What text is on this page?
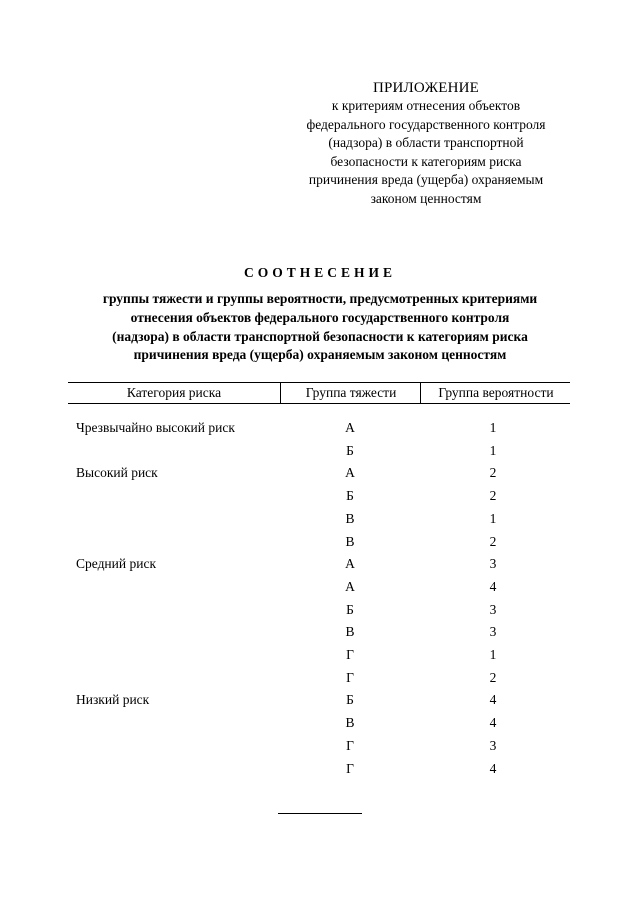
ПРИЛОЖЕНИЕ
к критериям отнесения объектов
федерального государственного контроля
(надзора) в области транспортной
безопасности к категориям риска
причинения вреда (ущерба) охраняемым
законом ценностям
СООТНЕСЕНИЕ
группы тяжести и группы вероятности, предусмотренных критериями
отнесения объектов федерального государственного контроля
(надзора) в области транспортной безопасности к категориям риска
причинения вреда (ущерба) охраняемым законом ценностям
Категория риска	Группа тяжести	Группа вероятности
Чрезвычайно высокий риск	А	1
Б	1
Высокий риск	А	2
Б	2
В	1
В	2
Средний риск	А	3
А	4
Б	3
В	3
Г	1
Г	2
Низкий риск	Б	4
В	4
Г	3
Г	4
